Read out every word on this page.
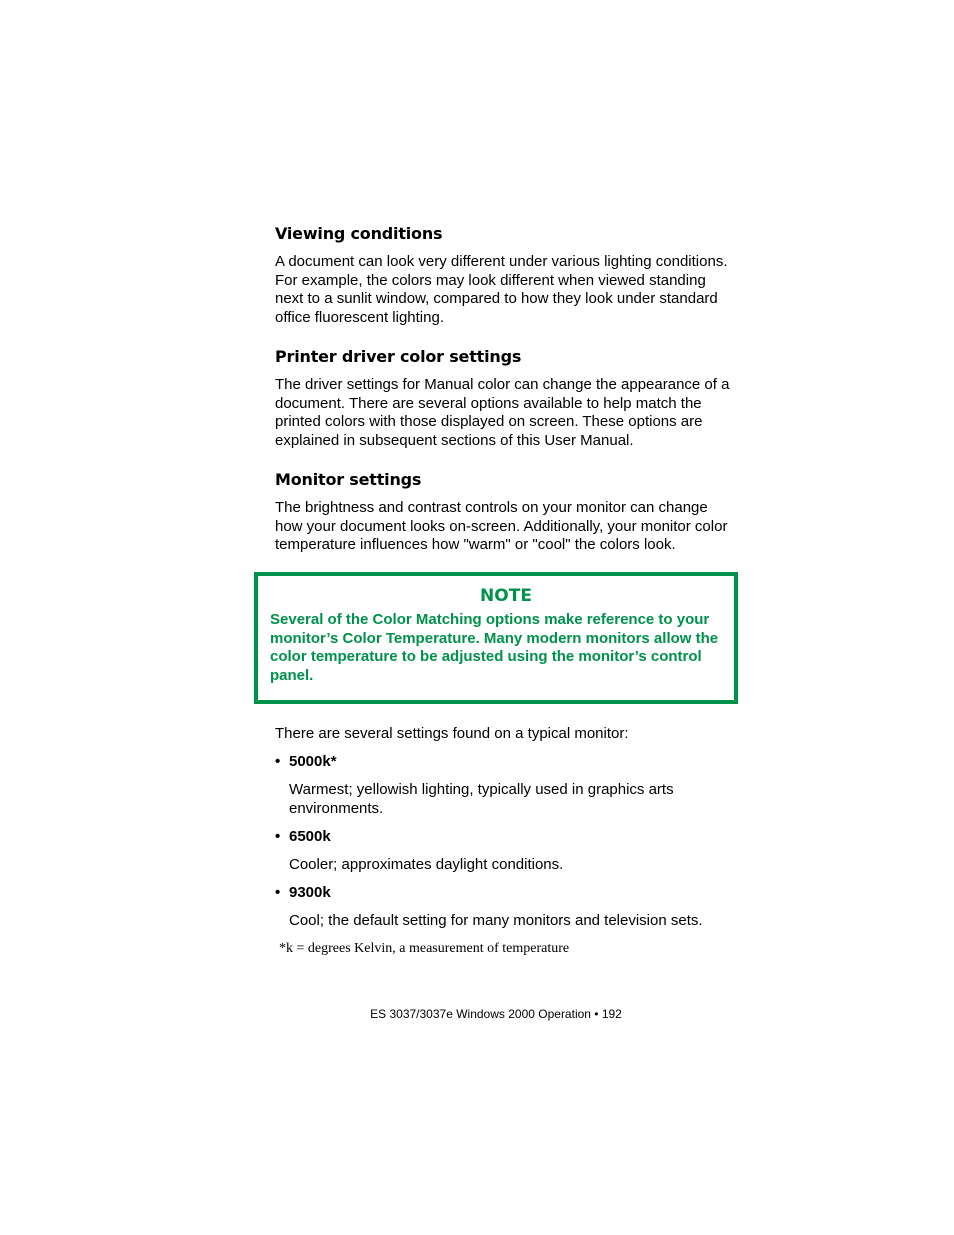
Viewing conditions

A document can look very different under various lighting conditions. For example, the colors may look different when viewed standing next to a sunlit window, compared to how they look under standard office fluorescent lighting.

Printer driver color settings

The driver settings for Manual color can change the appearance of a document. There are several options available to help match the printed colors with those displayed on screen. These options are explained in subsequent sections of this User Manual.

Monitor settings

The brightness and contrast controls on your monitor can change how your document looks on-screen. Additionally, your monitor color temperature influences how "warm" or "cool" the colors look.

NOTE
Several of the Color Matching options make reference to your monitor’s Color Temperature. Many modern monitors allow the color temperature to be adjusted using the monitor’s control panel.

There are several settings found on a typical monitor:

• 5000k*

Warmest; yellowish lighting, typically used in graphics arts environments.

• 6500k

Cooler; approximates daylight conditions.

• 9300k

Cool; the default setting for many monitors and television sets.

*k = degrees Kelvin, a measurement of temperature

ES 3037/3037e Windows 2000 Operation • 192
